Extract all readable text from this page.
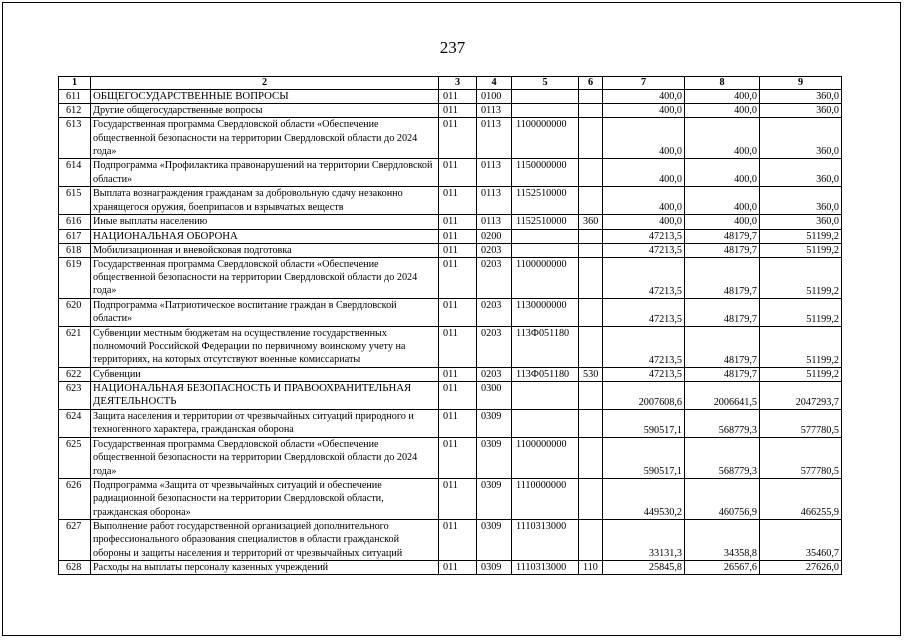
237
1	2	3	4	5	6	7	8	9
611	ОБЩЕГОСУДАРСТВЕННЫЕ ВОПРОСЫ	011	0100			400,0	400,0	360,0
612	Другие общегосударственные вопросы	011	0113			400,0	400,0	360,0
613	Государственная программа Свердловской области «Обеспечение общественной безопасности на территории Свердловской области до 2024 года»	011	0113	1100000000		400,0	400,0	360,0
614	Подпрограмма «Профилактика правонарушений на территории Свердловской области»	011	0113	1150000000		400,0	400,0	360,0
615	Выплата вознаграждения гражданам за добровольную сдачу незаконно хранящегося оружия, боеприпасов и взрывчатых веществ	011	0113	1152510000		400,0	400,0	360,0
616	Иные выплаты населению	011	0113	1152510000	360	400,0	400,0	360,0
617	НАЦИОНАЛЬНАЯ ОБОРОНА	011	0200			47213,5	48179,7	51199,2
618	Мобилизационная и вневойсковая подготовка	011	0203			47213,5	48179,7	51199,2
619	Государственная программа Свердловской области «Обеспечение общественной безопасности на территории Свердловской области до 2024 года»	011	0203	1100000000		47213,5	48179,7	51199,2
620	Подпрограмма «Патриотическое воспитание граждан в Свердловской области»	011	0203	1130000000		47213,5	48179,7	51199,2
621	Субвенции местным бюджетам на осуществление государственных полномочий Российской Федерации по первичному воинскому учету на территориях, на которых отсутствуют военные комиссариаты	011	0203	113Ф051180		47213,5	48179,7	51199,2
622	Субвенции	011	0203	113Ф051180	530	47213,5	48179,7	51199,2
623	НАЦИОНАЛЬНАЯ БЕЗОПАСНОСТЬ И ПРАВООХРАНИТЕЛЬНАЯ ДЕЯТЕЛЬНОСТЬ	011	0300			2007608,6	2006641,5	2047293,7
624	Защита населения и территории от чрезвычайных ситуаций природного и техногенного характера, гражданская оборона	011	0309			590517,1	568779,3	577780,5
625	Государственная программа Свердловской области «Обеспечение общественной безопасности на территории Свердловской области до 2024 года»	011	0309	1100000000		590517,1	568779,3	577780,5
626	Подпрограмма «Защита от чрезвычайных ситуаций и обеспечение радиационной безопасности на территории Свердловской области, гражданская оборона»	011	0309	1110000000		449530,2	460756,9	466255,9
627	Выполнение работ государственной организацией дополнительного профессионального образования специалистов в области гражданской обороны и защиты населения и территорий от чрезвычайных ситуаций	011	0309	1110313000		33131,3	34358,8	35460,7
628	Расходы на выплаты персоналу казенных учреждений	011	0309	1110313000	110	25845,8	26567,6	27626,0
